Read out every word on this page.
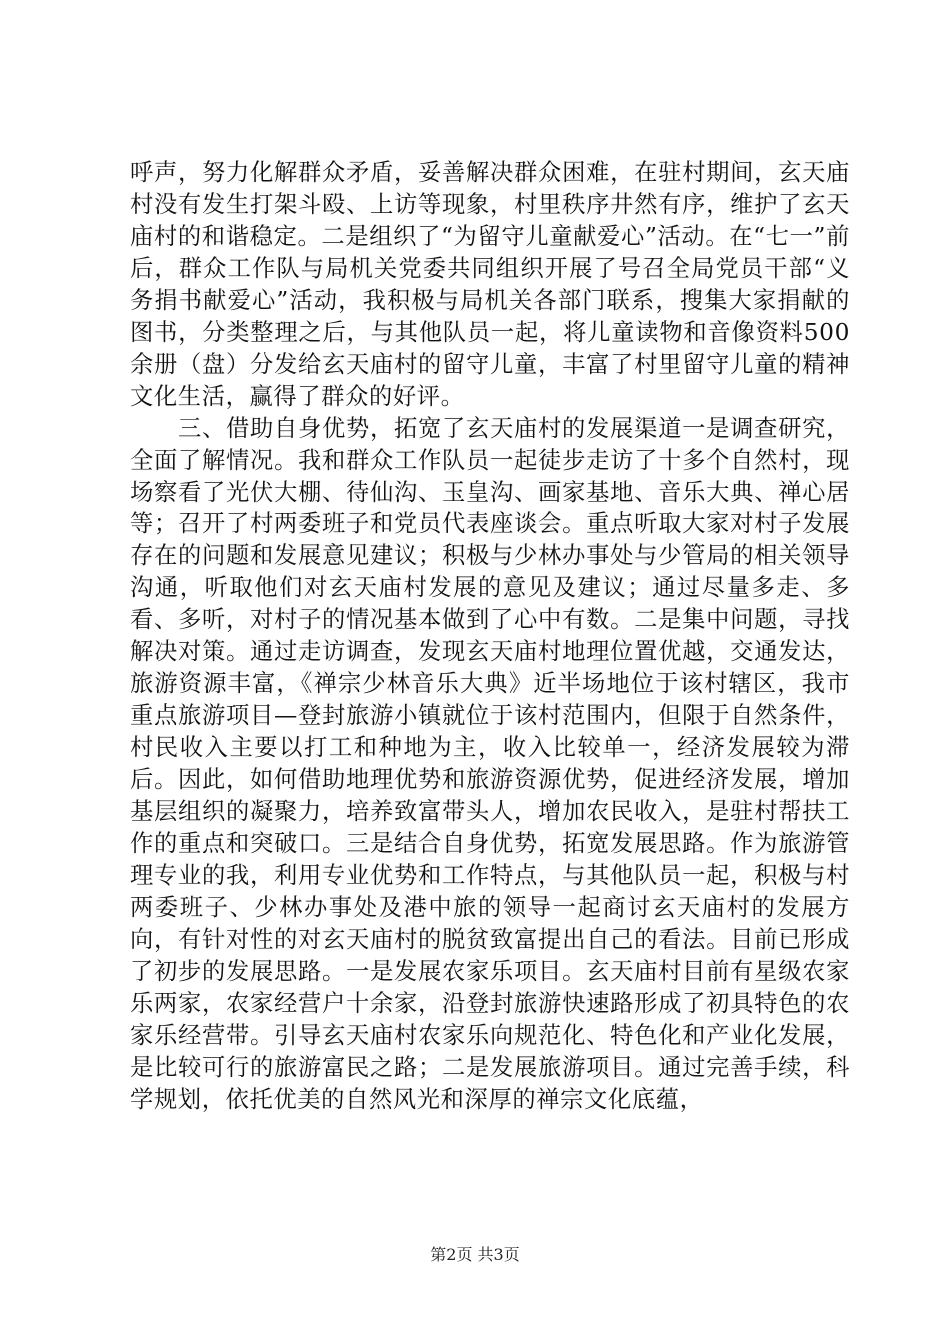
呼声，努力化解群众矛盾，妥善解决群众困难，在驻村期间，玄天庙村没有发生打架斗殴、上访等现象，村里秩序井然有序，维护了玄天庙村的和谐稳定。二是组织了“为留守儿童献爱心”活动。在“七一”前后，群众工作队与局机关党委共同组织开展了号召全局党员干部“义务捐书献爱心”活动，我积极与局机关各部门联系，搜集大家捐献的图书，分类整理之后，与其他队员一起，将儿童读物和音像资料500余册（盘）分发给玄天庙村的留守儿童，丰富了村里留守儿童的精神文化生活，赢得了群众的好评。

三、借助自身优势，拓宽了玄天庙村的发展渠道一是调查研究，全面了解情况。我和群众工作队员一起徒步走访了十多个自然村，现场察看了光伏大棚、待仙沟、玉皇沟、画家基地、音乐大典、禅心居等；召开了村两委班子和党员代表座谈会。重点听取大家对村子发展存在的问题和发展意见建议；积极与少林办事处与少管局的相关领导沟通，听取他们对玄天庙村发展的意见及建议；通过尽量多走、多看、多听，对村子的情况基本做到了心中有数。二是集中问题，寻找解决对策。通过走访调查，发现玄天庙村地理位置优越，交通发达，旅游资源丰富，《禅宗少林音乐大典》近半场地位于该村辖区，我市重点旅游项目—登封旅游小镇就位于该村范围内，但限于自然条件，村民收入主要以打工和种地为主，收入比较单一，经济发展较为滞后。因此，如何借助地理优势和旅游资源优势，促进经济发展，增加基层组织的凝聚力，培养致富带头人，增加农民收入，是驻村帮扶工作的重点和突破口。三是结合自身优势，拓宽发展思路。作为旅游管理专业的我，利用专业优势和工作特点，与其他队员一起，积极与村两委班子、少林办事处及港中旅的领导一起商讨玄天庙村的发展方向，有针对性的对玄天庙村的脱贫致富提出自己的看法。目前已形成了初步的发展思路。一是发展农家乐项目。玄天庙村目前有星级农家乐两家，农家经营户十余家，沿登封旅游快速路形成了初具特色的农家乐经营带。引导玄天庙村农家乐向规范化、特色化和产业化发展，是比较可行的旅游富民之路；二是发展旅游项目。通过完善手续，科学规划，依托优美的自然风光和深厚的禅宗文化底蕴，

第2页 共3页
